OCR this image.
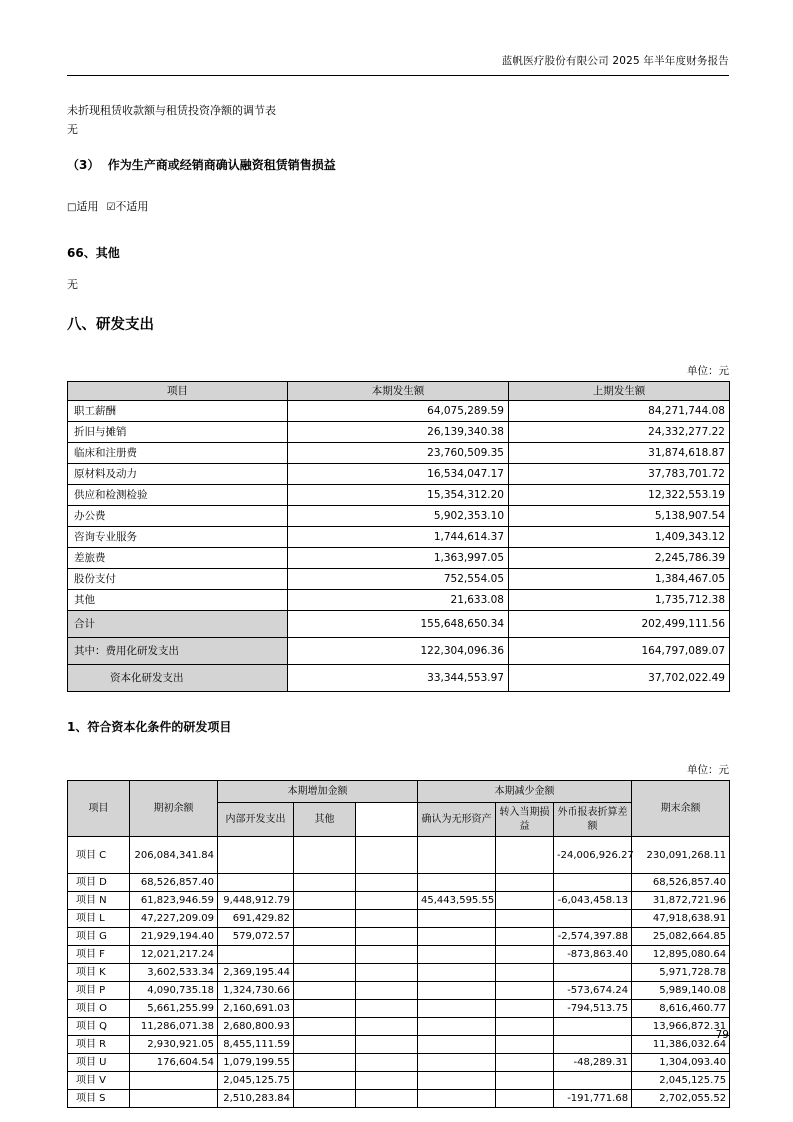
蓝帆医疗股份有限公司 2025 年半年度财务报告

未折现租赁收款额与租赁投资净额的调节表

无

（3） 作为生产商或经销商确认融资租赁销售损益

□适用 ☑不适用

66、其他

无

八、研发支出

单位：元
项目	本期发生额	上期发生额
职工薪酬	64,075,289.59	84,271,744.08
折旧与摊销	26,139,340.38	24,332,277.22
临床和注册费	23,760,509.35	31,874,618.87
原材料及动力	16,534,047.17	37,783,701.72
供应和检测检验	15,354,312.20	12,322,553.19
办公费	5,902,353.10	5,138,907.54
咨询专业服务	1,744,614.37	1,409,343.12
差旅费	1,363,997.05	2,245,786.39
股份支付	752,554.05	1,384,467.05
其他	21,633.08	1,735,712.38
合计	155,648,650.34	202,499,111.56
其中：费用化研发支出	122,304,096.36	164,797,089.07
资本化研发支出	33,344,553.97	37,702,022.49

1、符合资本化条件的研发项目

单位：元
项目	期初余额	本期增加金额			本期减少金额			期末余额
		内部开发支出	其他		确认为无形资产	转入当期损益	外币报表折算差额	
项目 C	206,084,341.84						-24,006,926.27	230,091,268.11
项目 D	68,526,857.40							68,526,857.40
项目 N	61,823,946.59	9,448,912.79			45,443,595.55		-6,043,458.13	31,872,721.96
项目 L	47,227,209.09	691,429.82						47,918,638.91
项目 G	21,929,194.40	579,072.57					-2,574,397.88	25,082,664.85
项目 F	12,021,217.24						-873,863.40	12,895,080.64
项目 K	3,602,533.34	2,369,195.44						5,971,728.78
项目 P	4,090,735.18	1,324,730.66					-573,674.24	5,989,140.08
项目 O	5,661,255.99	2,160,691.03					-794,513.75	8,616,460.77
项目 Q	11,286,071.38	2,680,800.93						13,966,872.31
项目 R	2,930,921.05	8,455,111.59						11,386,032.64
项目 U	176,604.54	1,079,199.55					-48,289.31	1,304,093.40
项目 V		2,045,125.75						2,045,125.75
项目 S		2,510,283.84					-191,771.68	2,702,055.52
79
